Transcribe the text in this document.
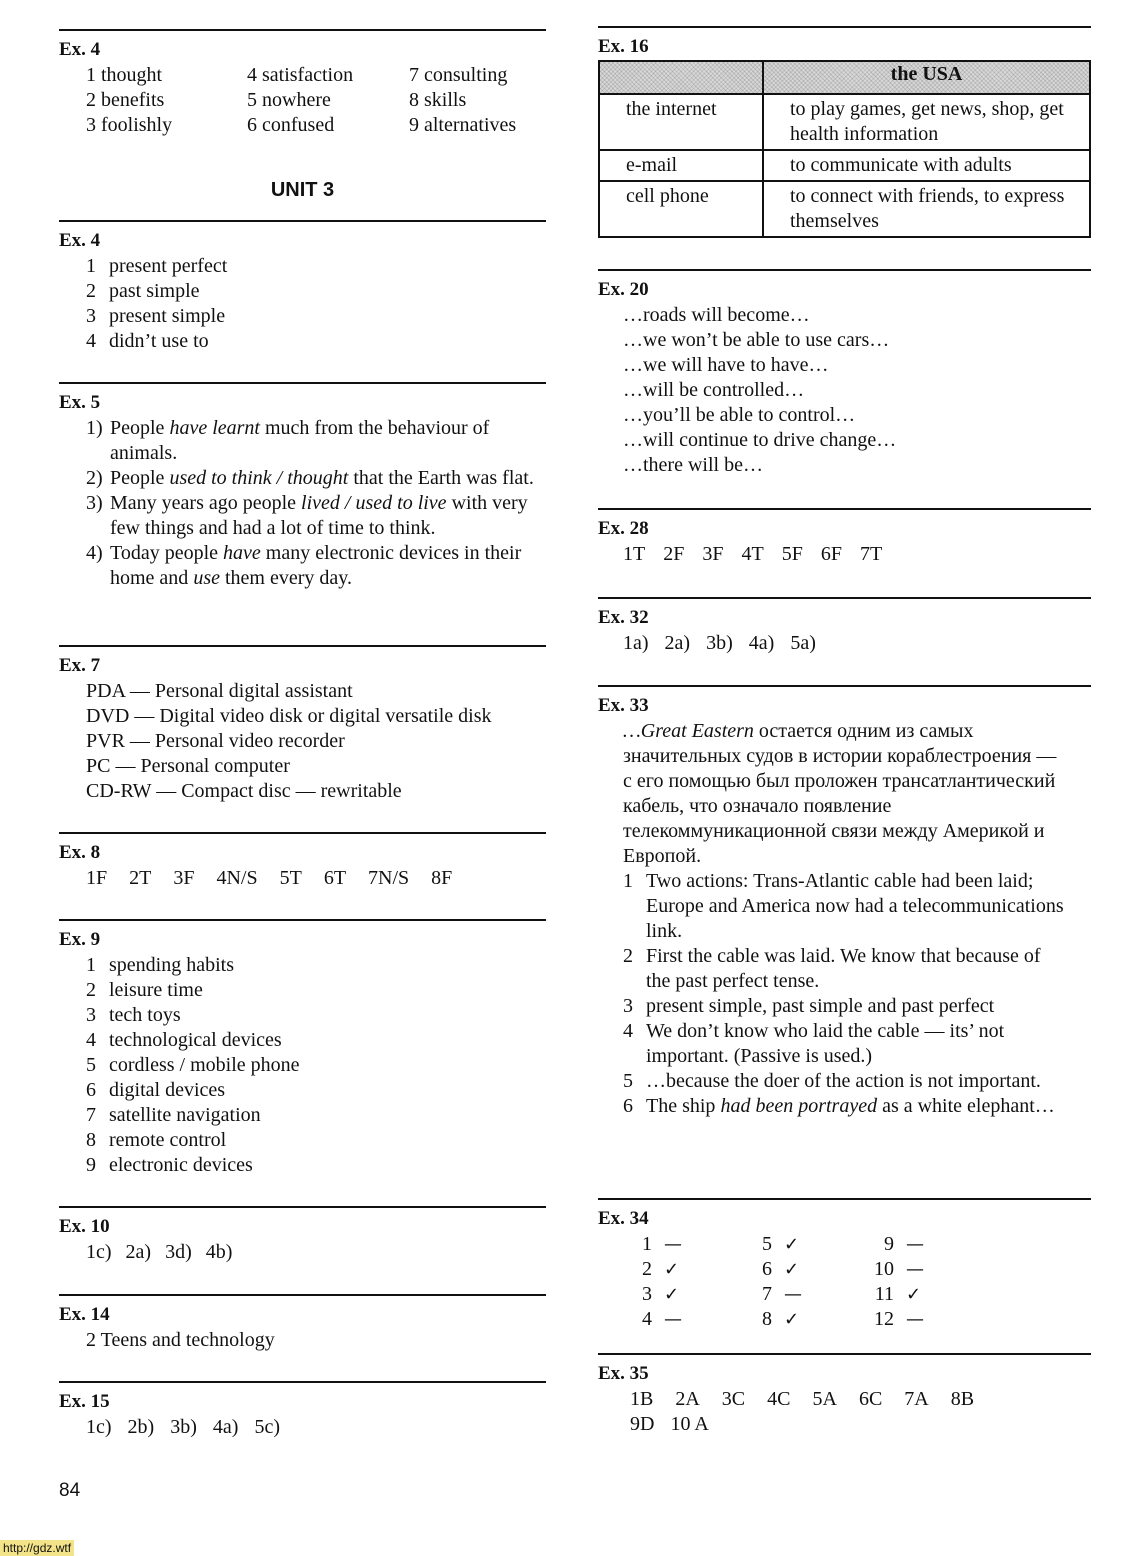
Ex. 4
1 thought	4 satisfaction	7 consulting
2 benefits	5 nowhere	8 skills
3 foolishly	6 confused	9 alternatives
UNIT 3
Ex. 4
1 present perfect
2 past simple
3 present simple
4 didn’t use to
Ex. 5
1) People have learnt much from the behaviour of animals.
2) People used to think / thought that the Earth was flat.
3) Many years ago people lived / used to live with very few things and had a lot of time to think.
4) Today people have many electronic devices in their home and use them every day.
Ex. 7
PDA — Personal digital assistant
DVD — Digital video disk or digital versatile disk
PVR — Personal video recorder
PC — Personal computer
CD-RW — Compact disc — rewritable
Ex. 8
1F 2T 3F 4N/S 5T 6T 7N/S 8F
Ex. 9
1 spending habits
2 leisure time
3 tech toys
4 technological devices
5 cordless / mobile phone
6 digital devices
7 satellite navigation
8 remote control
9 electronic devices
Ex. 10
1c) 2a) 3d) 4b)
Ex. 14
2 Teens and technology
Ex. 15
1c) 2b) 3b) 4a) 5c)
Ex. 16
	the USA
the internet	to play games, get news, shop, get health information
e-mail	to communicate with adults
cell phone	to connect with friends, to express themselves
Ex. 20
…roads will become…
…we won’t be able to use cars…
…we will have to have…
…will be controlled…
…you’ll be able to control…
…will continue to drive change…
…there will be…
Ex. 28
1T 2F 3F 4T 5F 6F 7T
Ex. 32
1a) 2a) 3b) 4a) 5a)
Ex. 33
…Great Eastern остается одним из самых значительных судов в истории кораблестроения — с его помощью был проложен трансатлантический кабель, что означало появление телекоммуникационной связи между Америкой и Европой.
1 Two actions: Trans-Atlantic cable had been laid; Europe and America now had a telecommunications link.
2 First the cable was laid. We know that because of the past perfect tense.
3 present simple, past simple and past perfect
4 We don’t know who laid the cable — its’ not important. (Passive is used.)
5 …because the doer of the action is not important.
6 The ship had been portrayed as a white elephant…
Ex. 34
1 —	5 ✓	9 —
2 ✓	6 ✓	10 —
3 ✓	7 —	11 ✓
4 —	8 ✓	12 —
Ex. 35
1B 2A 3C 4C 5A 6C 7A 8B
9D 10 A
84
http://gdz.wtf
